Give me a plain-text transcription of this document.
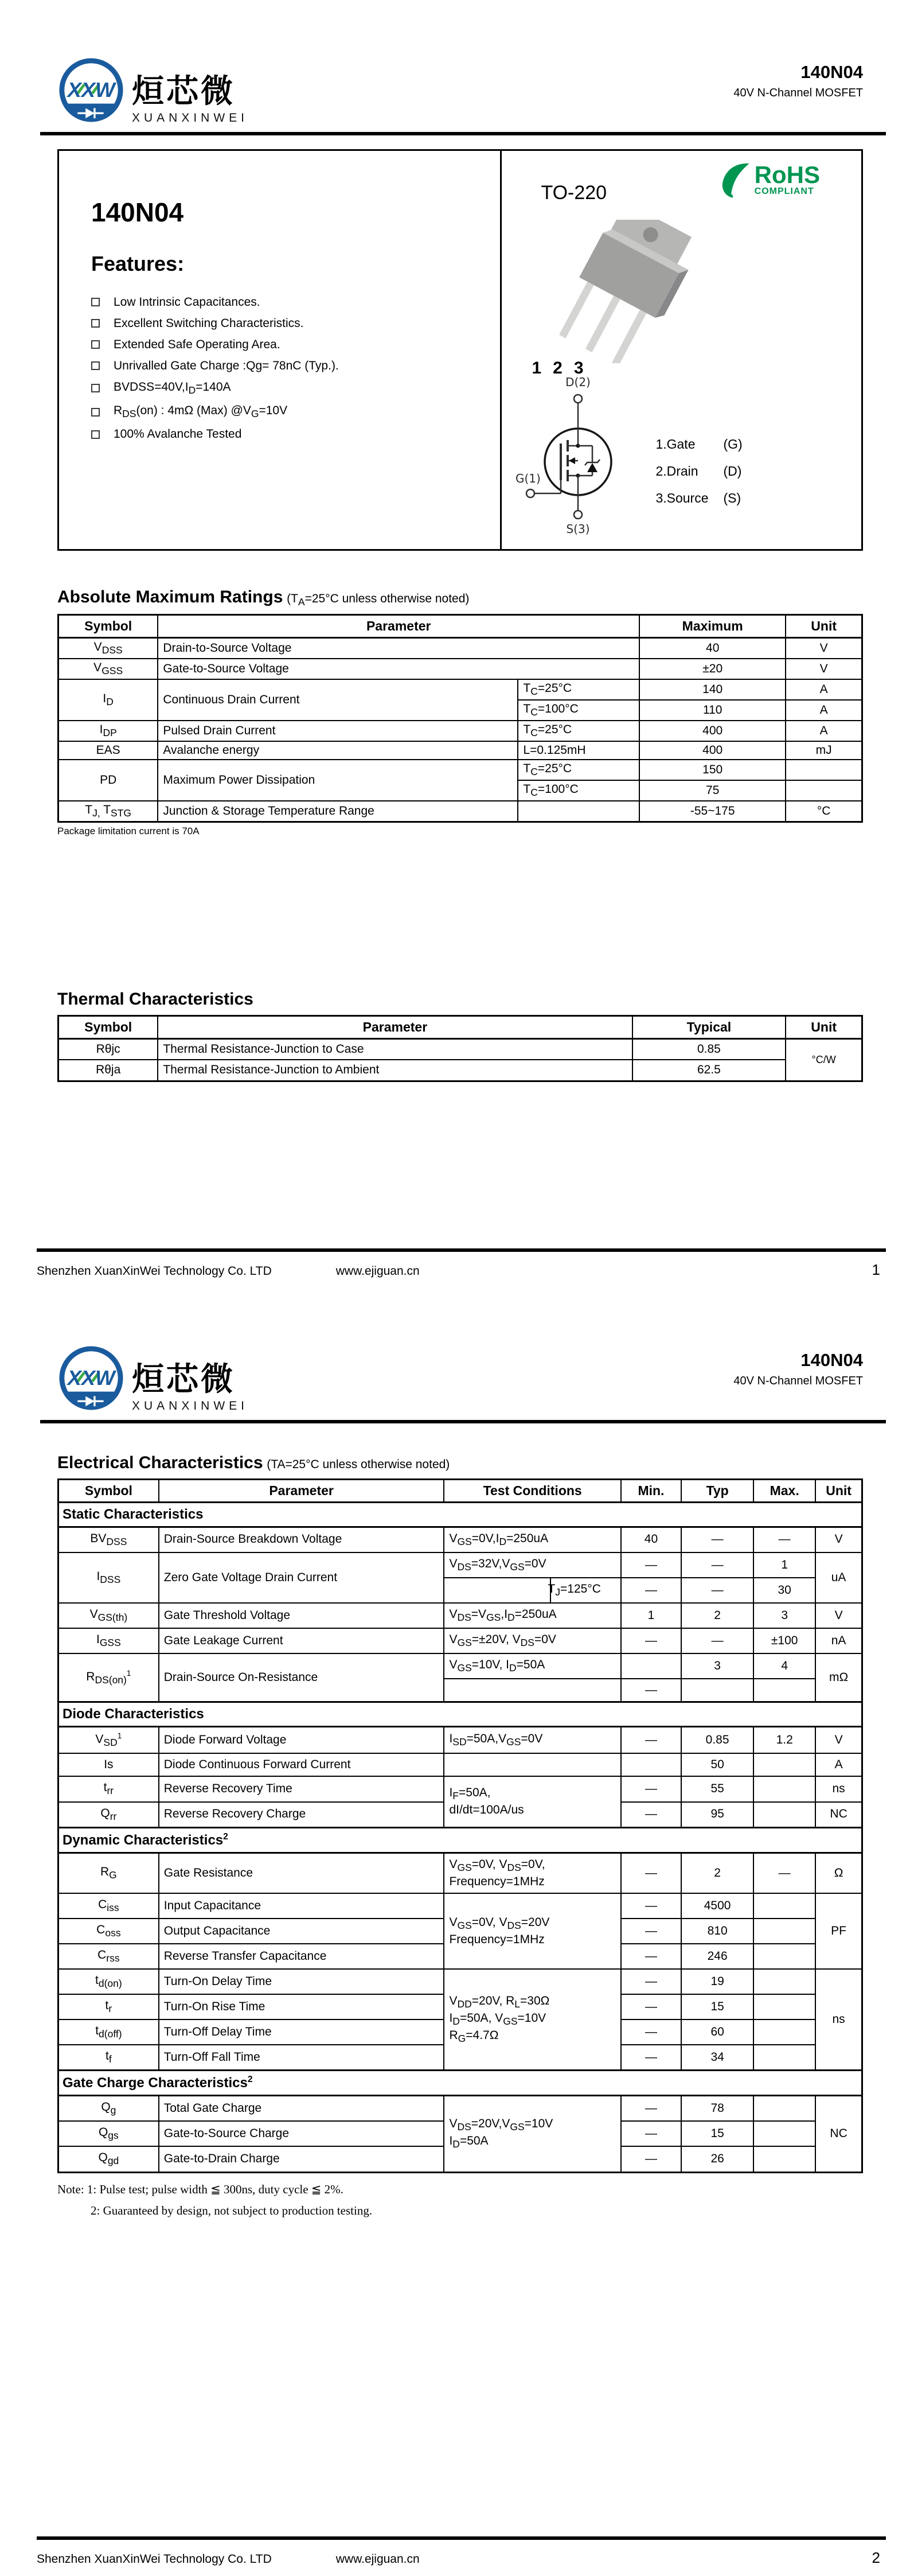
XXW 烜芯微
XUANXINWEI
140N04
40V N-Channel MOSFET
140N04
Features:
Low Intrinsic Capacitances.
Excellent Switching Characteristics.
Extended Safe Operating Area.
Unrivalled Gate Charge :Qg= 78nC (Typ.).
$BVDSS=40V,I_D=140A$
$R_{DS}(on)$ : 4mΩ (Max) $@V_G=10V$
100% Avalanche Tested
TO-220
RoHS
COMPLIANT
1 2 3
D(2)
G(1)
S(3)
1.Gate	(G)
2.Drain	(D)
3.Source	(S)
Absolute Maximum Ratings ($T_A=25^\circ C$ unless otherwise noted)
Symbol	Parameter		Maximum	Unit
$V_{DSS}$	Drain-to-Source Voltage		40	V
$V_{GSS}$	Gate-to-Source Voltage		±20	V
$I_D$	Continuous Drain Current	$T_C=25^\circ C$	140	A
		$T_C=100^\circ C$	110	A
$I_{DP}$	Pulsed Drain Current	$T_C=25^\circ C$	400	A
EAS	Avalanche energy	L=0.125mH	400	mJ
PD	Maximum Power Dissipation	$T_C=25^\circ C$	150	
		$T_C=100^\circ C$	75	
$T_{J,}$ $T_{STG}$	Junction & Storage Temperature Range		-55~175	°C
Package limitation current is 70A
Thermal Characteristics
Symbol	Parameter	Typical	Unit
Rθjc	Thermal Resistance-Junction to Case	0.85	°C/W
Rθja	Thermal Resistance-Junction to Ambient	62.5	
Shenzhen XuanXinWei Technology Co. LTD	www.ejiguan.cn	1
XXW 烜芯微
XUANXINWEI
140N04
40V N-Channel MOSFET
Electrical Characteristics (TA=25°C unless otherwise noted)
Symbol	Parameter	Test Conditions	Min.	Typ	Max.	Unit
Static Characteristics						
$BV_{DSS}$	Drain-Source Breakdown Voltage	$V_{GS}=0V,I_D=250uA$	40	—	—	V
$I_{DSS}$	Zero Gate Voltage Drain Current	$V_{DS}=32V,V_{GS}=0V$	—	—	1	uA
		$T_J=125^\circ C$	—	—	30	
$V_{GS(th)}$	Gate Threshold Voltage	$V_{DS}=V_{GS},I_D=250uA$	1	2	3	V
$I_{GSS}$	Gate Leakage Current	$V_{GS}=\pm 20V$, $V_{DS}=0V$	—	—	±100	nA
$R_{DS(on)}^1$	Drain-Source On-Resistance	$V_{GS}=10V$, $I_D=50A$		3	4	mΩ
			—			
Diode Characteristics						
$V_{SD}^1$	Diode Forward Voltage	$I_{SD}=50A,V_{GS}=0V$	—	0.85	1.2	V
Is	Diode Continuous Forward Current			50		A
$t_{rr}$	Reverse Recovery Time	$I_F=50A$,
dI/dt=100A/us	—	55		ns
$Q_{rr}$	Reverse Recovery Charge		—	95		NC
Dynamic Characteristics$^2$
$R_G$	Gate Resistance	$V_{GS}=0V$, $V_{DS}=0V$,
Frequency=1MHz	—	2	—	Ω
$C_{iss}$	Input Capacitance	$V_{GS}=0V$, $V_{DS}=20V$
Frequency=1MHz	—	4500		PF
$C_{oss}$	Output Capacitance		—	810		
$C_{rss}$	Reverse Transfer Capacitance		—	246		
$t_{d(on)}$	Turn-On Delay Time	$V_{DD}=20V$, $R_L=30\Omega$
$I_D=50A$, $V_{GS}=10V$
$R_G=4.7\Omega$	—	19		ns
$t_r$	Turn-On Rise Time		—	15		
$t_{d(off)}$	Turn-Off Delay Time		—	60		
$t_f$	Turn-Off Fall Time		—	34		
Gate Charge Characteristics$^2$
$Q_g$	Total Gate Charge	$V_{DS}=20V,V_{GS}=10V$
$I_D=50A$	—	78		NC
$Q_{gs}$	Gate-to-Source Charge		—	15		
$Q_{gd}$	Gate-to-Drain Charge		—	26		
Note: 1: Pulse test; pulse width ≦ 300ns, duty cycle ≦ 2%.
2: Guaranteed by design, not subject to production testing.
Shenzhen XuanXinWei Technology Co. LTD	www.ejiguan.cn	2
